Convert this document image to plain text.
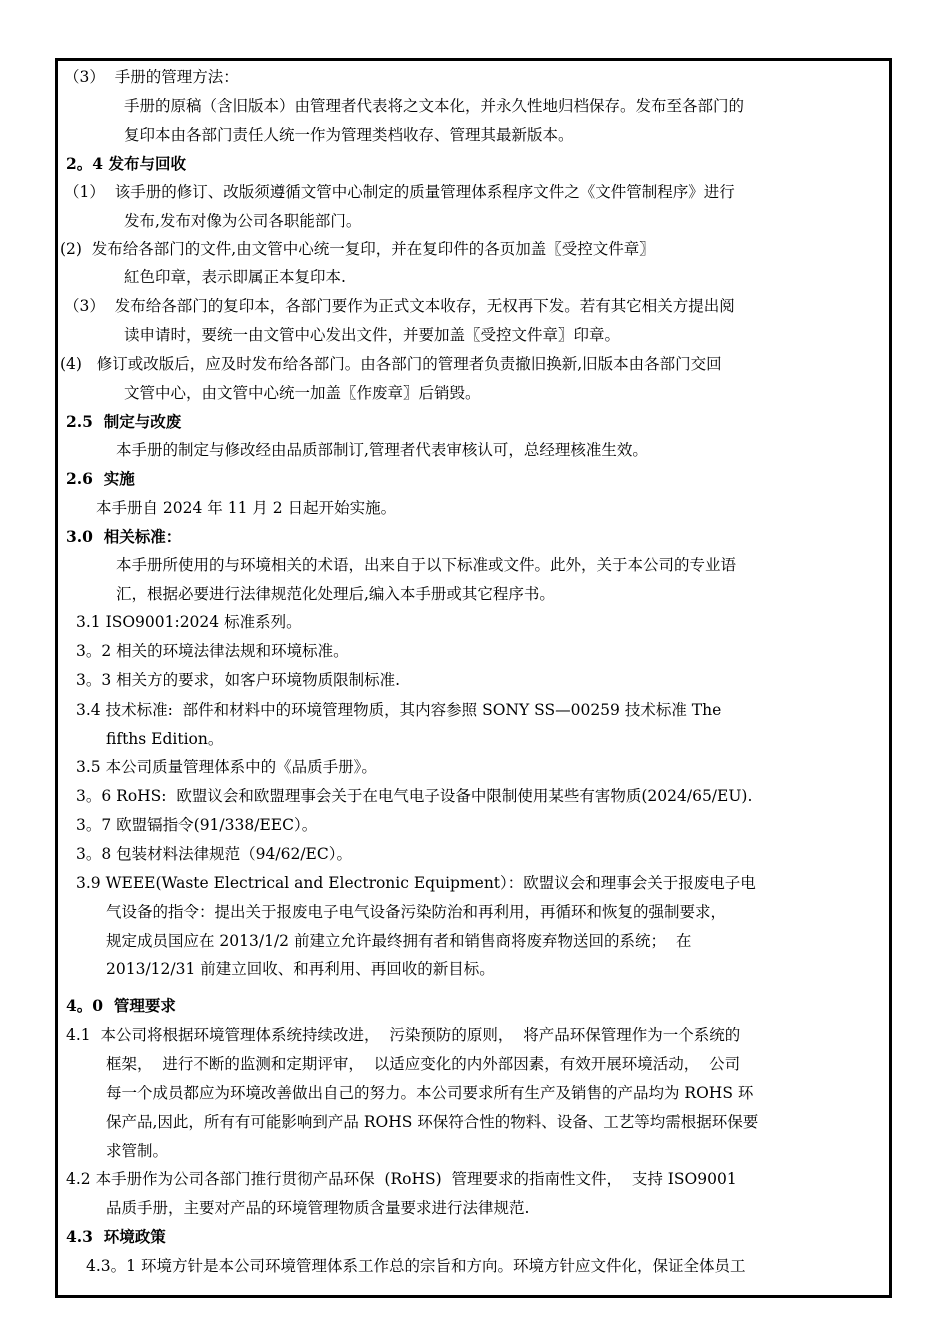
（3）  手册的管理方法：
手册的原稿（含旧版本）由管理者代表将之文本化，并永久性地归档保存。发布至各部门的
复印本由各部门责任人统一作为管理类档收存、管理其最新版本。
2。4 发布与回收
（1）  该手册的修订、改版须遵循文管中心制定的质量管理体系程序文件之《文件管制程序》进行
发布,发布对像为公司各职能部门。
(2)  发布给各部门的文件,由文管中心统一复印，并在复印件的各页加盖〖受控文件章〗
紅色印章，表示即属正本复印本.
（3）  发布给各部门的复印本，各部门要作为正式文本收存，无权再下发。若有其它相关方提出阅
读申请时，要统一由文管中心发出文件，并要加盖〖受控文件章〗印章。
(4)   修订或改版后，应及时发布给各部门。由各部门的管理者负责撤旧换新,旧版本由各部门交回
文管中心，由文管中心统一加盖〖作废章〗后销毁。
2.5  制定与改废
本手册的制定与修改经由品质部制订,管理者代表审核认可，总经理核准生效。
2.6  实施
本手册自 2024 年 11 月 2 日起开始实施。
3.0  相关标准：
本手册所使用的与环境相关的术语，出来自于以下标准或文件。此外，关于本公司的专业语
汇，根据必要进行法律规范化处理后,编入本手册或其它程序书。
3.1 ISO9001:2024 标准系列。
3。2 相关的环境法律法规和环境标准。
3。3 相关方的要求，如客户环境物质限制标准.
3.4 技术标准:  部件和材料中的环境管理物质，其内容参照 SONY SS—00259 技术标准 The
fifths Edition。
3.5 本公司质量管理体系中的《品质手册》。
3。6 RoHS:  欧盟议会和欧盟理事会关于在电气电子设备中限制使用某些有害物质(2024/65/EU).
3。7 欧盟镉指令(91/338/EEC）。
3。8 包装材料法律规范（94/62/EC）。
3.9 WEEE(Waste Electrical and Electronic Equipment）：欧盟议会和理事会关于报废电子电
气设备的指令：提出关于报废电子电气设备污染防治和再利用，再循环和恢复的强制要求，
规定成员国应在 2013/1/2 前建立允许最终拥有者和销售商将废弃物送回的系统；  在
2013/12/31 前建立回收、和再利用、再回收的新目标。
4。0  管理要求
4.1  本公司将根据环境管理体系统持续改进，  污染预防的原则，  将产品环保管理作为一个系统的
框架，  进行不断的监测和定期评审，  以适应变化的内外部因素，有效开展环境活动，  公司
每一个成员都应为环境改善做出自己的努力。本公司要求所有生产及销售的产品均为 ROHS 环
保产品,因此，所有有可能影响到产品 ROHS 环保符合性的物料、设备、工艺等均需根据环保要
求管制。
4.2 本手册作为公司各部门推行贯彻产品环保  (RoHS)  管理要求的指南性文件，  支持 ISO9001
品质手册，主要对产品的环境管理物质含量要求进行法律规范.
4.3  环境政策
4.3。1 环境方针是本公司环境管理体系工作总的宗旨和方向。环境方针应文件化，保证全体员工
